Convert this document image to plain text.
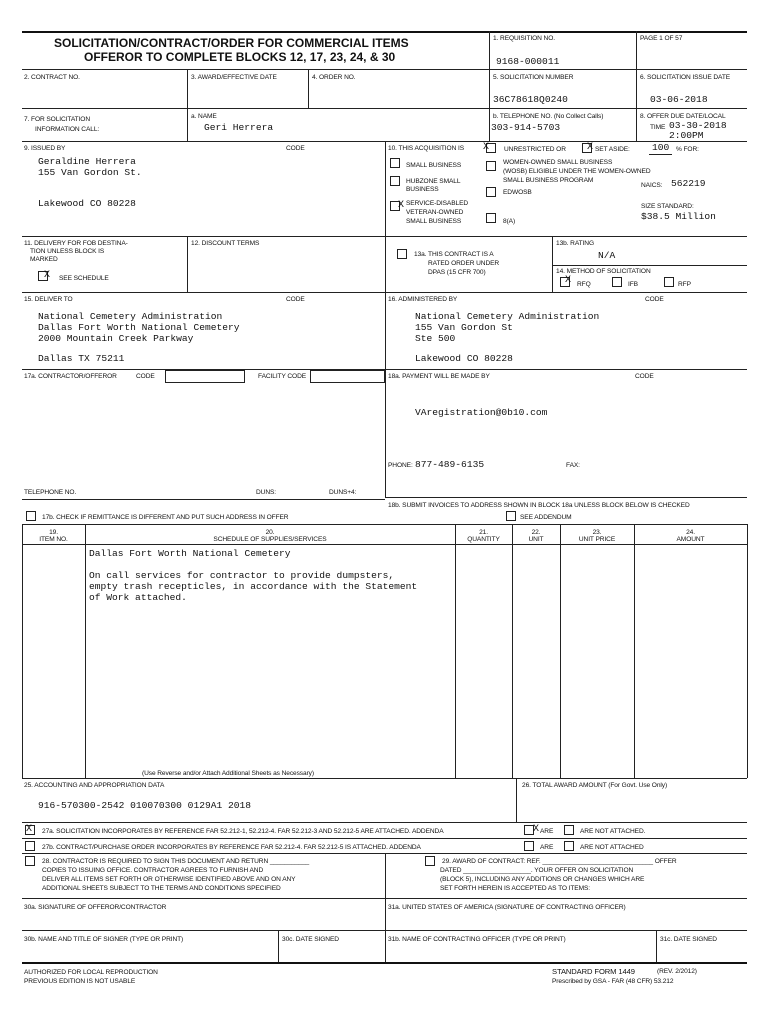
SOLICITATION/CONTRACT/ORDER FOR COMMERCIAL ITEMS
OFFEROR TO COMPLETE BLOCKS 12, 17, 23, 24, & 30
1. REQUISITION NO.
9168-000011
PAGE 1 OF 57
2. CONTRACT NO.	3. AWARD/EFFECTIVE DATE	4. ORDER NO.	5. SOLICITATION NUMBER
36C78618Q0240
6. SOLICITATION ISSUE DATE
03-06-2018
7. FOR SOLICITATION
INFORMATION CALL:
a. NAME
Geri Herrera
b. TELEPHONE NO. (No Collect Calls)
303-914-5703
8. OFFER DUE DATE/LOCAL
TIME 03-30-2018
2:00PM
9. ISSUED BY	CODE
Geraldine Herrera
155 Van Gordon St.
Lakewood CO 80228
10. THIS ACQUISITION IS X UNRESTRICTED OR X SET ASIDE:	100	% FOR:
SMALL BUSINESS
HUBZONE SMALL
BUSINESS
X SERVICE-DISABLED
VETERAN-OWNED
SMALL BUSINESS
WOMEN-OWNED SMALL BUSINESS
(WOSB) ELIGIBLE UNDER THE WOMEN-OWNED
SMALL BUSINESS PROGRAM
EDWOSB
8(A)
NAICS: 562219
SIZE STANDARD:
$38.5 Million
11. DELIVERY FOR FOB DESTINA-
TION UNLESS BLOCK IS
MARKED
X SEE SCHEDULE
12. DISCOUNT TERMS
13a. THIS CONTRACT IS A
RATED ORDER UNDER
DPAS (15 CFR 700)
13b. RATING
N/A
14. METHOD OF SOLICITATION
X RFQ	IFB	RFP
15. DELIVER TO	CODE
National Cemetery Administration
Dallas Fort Worth National Cemetery
2000 Mountain Creek Parkway
Dallas TX 75211
16. ADMINISTERED BY	CODE
National Cemetery Administration
155 Van Gordon St
Ste 500
Lakewood CO 80228
17a. CONTRACTOR/OFFEROR	CODE	FACILITY CODE
TELEPHONE NO.	DUNS:	DUNS+4:
17b. CHECK IF REMITTANCE IS DIFFERENT AND PUT SUCH ADDRESS IN OFFER
18a. PAYMENT WILL BE MADE BY	CODE
VAregistration@0b10.com
PHONE: 877-489-6135	FAX:
18b. SUBMIT INVOICES TO ADDRESS SHOWN IN BLOCK 18a UNLESS BLOCK BELOW IS CHECKED
SEE ADDENDUM
19.
ITEM NO.
20.
SCHEDULE OF SUPPLIES/SERVICES
21.
QUANTITY
22.
UNIT
23.
UNIT PRICE
24.
AMOUNT
Dallas Fort Worth National Cemetery
On call services for contractor to provide dumpsters,
empty trash recepticles, in accordance with the Statement
of Work attached.
(Use Reverse and/or Attach Additional Sheets as Necessary)
25. ACCOUNTING AND APPROPRIATION DATA
916-570300-2542 010070300 0129A1 2018
26. TOTAL AWARD AMOUNT (For Govt. Use Only)
X 27a. SOLICITATION INCORPORATES BY REFERENCE FAR 52.212-1, 52.212-4. FAR 52.212-3 AND 52.212-5 ARE ATTACHED. ADDENDA	X ARE	ARE NOT ATTACHED.
27b. CONTRACT/PURCHASE ORDER INCORPORATES BY REFERENCE FAR 52.212-4. FAR 52.212-5 IS ATTACHED. ADDENDA	ARE	ARE NOT ATTACHED
28. CONTRACTOR IS REQUIRED TO SIGN THIS DOCUMENT AND RETURN ___________
COPIES TO ISSUING OFFICE. CONTRACTOR AGREES TO FURNISH AND
DELIVER ALL ITEMS SET FORTH OR OTHERWISE IDENTIFIED ABOVE AND ON ANY
ADDITIONAL SHEETS SUBJECT TO THE TERMS AND CONDITIONS SPECIFIED
29. AWARD OF CONTRACT: REF. _______________________________ OFFER
DATED ___________________. YOUR OFFER ON SOLICITATION
(BLOCK 5), INCLUDING ANY ADDITIONS OR CHANGES WHICH ARE
SET FORTH HEREIN IS ACCEPTED AS TO ITEMS:
30a. SIGNATURE OF OFFEROR/CONTRACTOR	31a. UNITED STATES OF AMERICA (SIGNATURE OF CONTRACTING OFFICER)
30b. NAME AND TITLE OF SIGNER (TYPE OR PRINT)	30c. DATE SIGNED	31b. NAME OF CONTRACTING OFFICER (TYPE OR PRINT)	31c. DATE SIGNED
AUTHORIZED FOR LOCAL REPRODUCTION
PREVIOUS EDITION IS NOT USABLE
STANDARD FORM 1449	(REV. 2/2012)
Prescribed by GSA - FAR (48 CFR) 53.212
